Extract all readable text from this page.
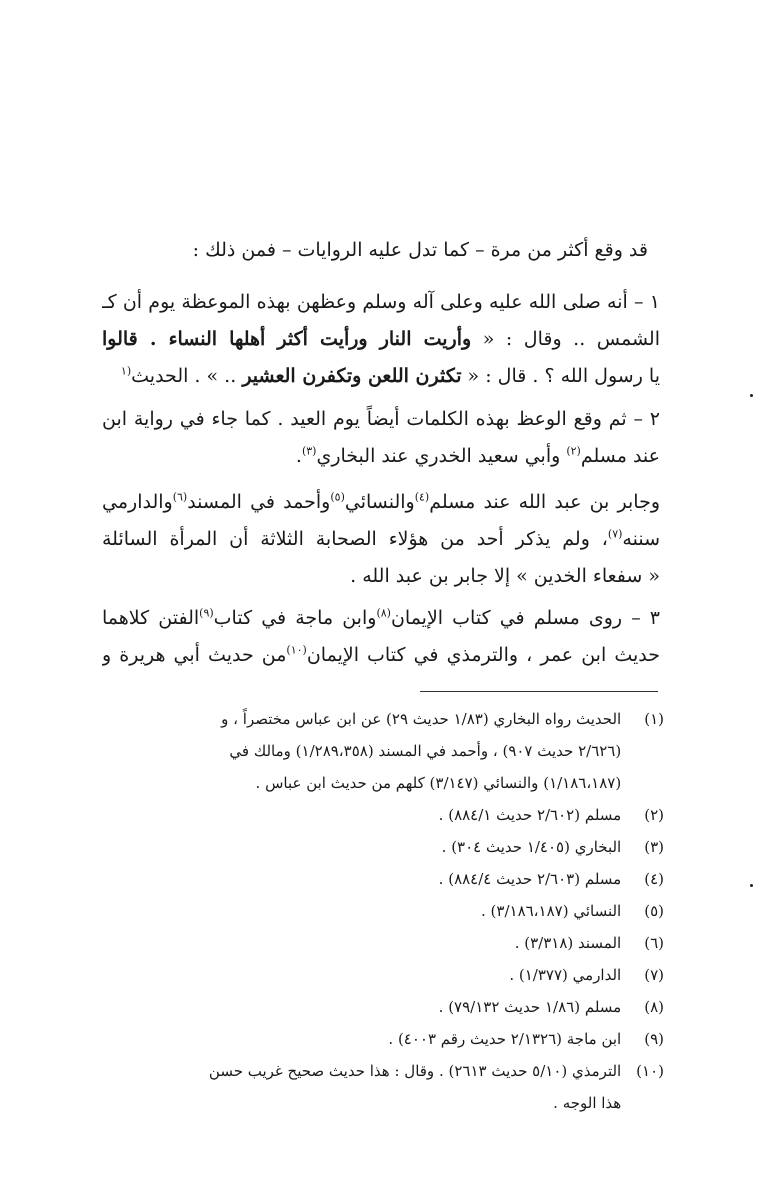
قد وقع أكثر من مرة – كما تدل عليه الروايات – فمن ذلك :
١ – أنه صلى الله عليه وعلى آله وسلم وعظهن بهذه الموعظة يوم أن كـ
الشمس .. وقال : « وأريت النار ورأيت أكثر أهلها النساء . قالوا
يا رسول الله ؟ . قال : « تكثرن اللعن وتكفرن العشير .. » . الحديث$^{(١}$
٢ – ثم وقع الوعظ بهذه الكلمات أيضاً يوم العيد . كما جاء في رواية ابن
عند مسلم$^{(٢)}$ وأبي سعيد الخدري عند البخاري$^{(٣)}$.
وجابر بن عبد الله عند مسلم$^{(٤)}$والنسائي$^{(٥)}$وأحمد في المسند$^{(٦)}$والدارمي
سننه$^{(٧)}$، ولم يذكر أحد من هؤلاء الصحابة الثلاثة أن المرأة السائلة
« سفعاء الخدين » إلا جابر بن عبد الله .
٣ – روى مسلم في كتاب الإيمان$^{(٨)}$وابن ماجة في كتاب$^{(٩)}$الفتن كلاهما
حديث ابن عمر ، والترمذي في كتاب الإيمان$^{(١٠)}$من حديث أبي هريرة و
(١) الحديث رواه البخاري (١/٨٣ حديث ٢٩) عن ابن عباس مختصراً ، و
(٢/٦٢٦ حديث ٩٠٧) ، وأحمد في المسند (١/٢٨٩،٣٥٨) ومالك في
(١/١٨٦،١٨٧) والنسائي (٣/١٤٧) كلهم من حديث ابن عباس .
(٢) مسلم (٢/٦٠٢ حديث ٨٨٤/١) .
(٣) البخاري (١/٤٠٥ حديث ٣٠٤) .
(٤) مسلم (٢/٦٠٣ حديث ٨٨٤/٤) .
(٥) النسائي (٣/١٨٦،١٨٧) .
(٦) المسند (٣/٣١٨) .
(٧) الدارمي (١/٣٧٧) .
(٨) مسلم (١/٨٦ حديث ٧٩/١٣٢) .
(٩) ابن ماجة (٢/١٣٢٦ حديث رقم ٤٠٠٣) .
(١٠) الترمذي (٥/١٠ حديث ٢٦١٣) . وقال : هذا حديث صحيح غريب حسن
هذا الوجه .
